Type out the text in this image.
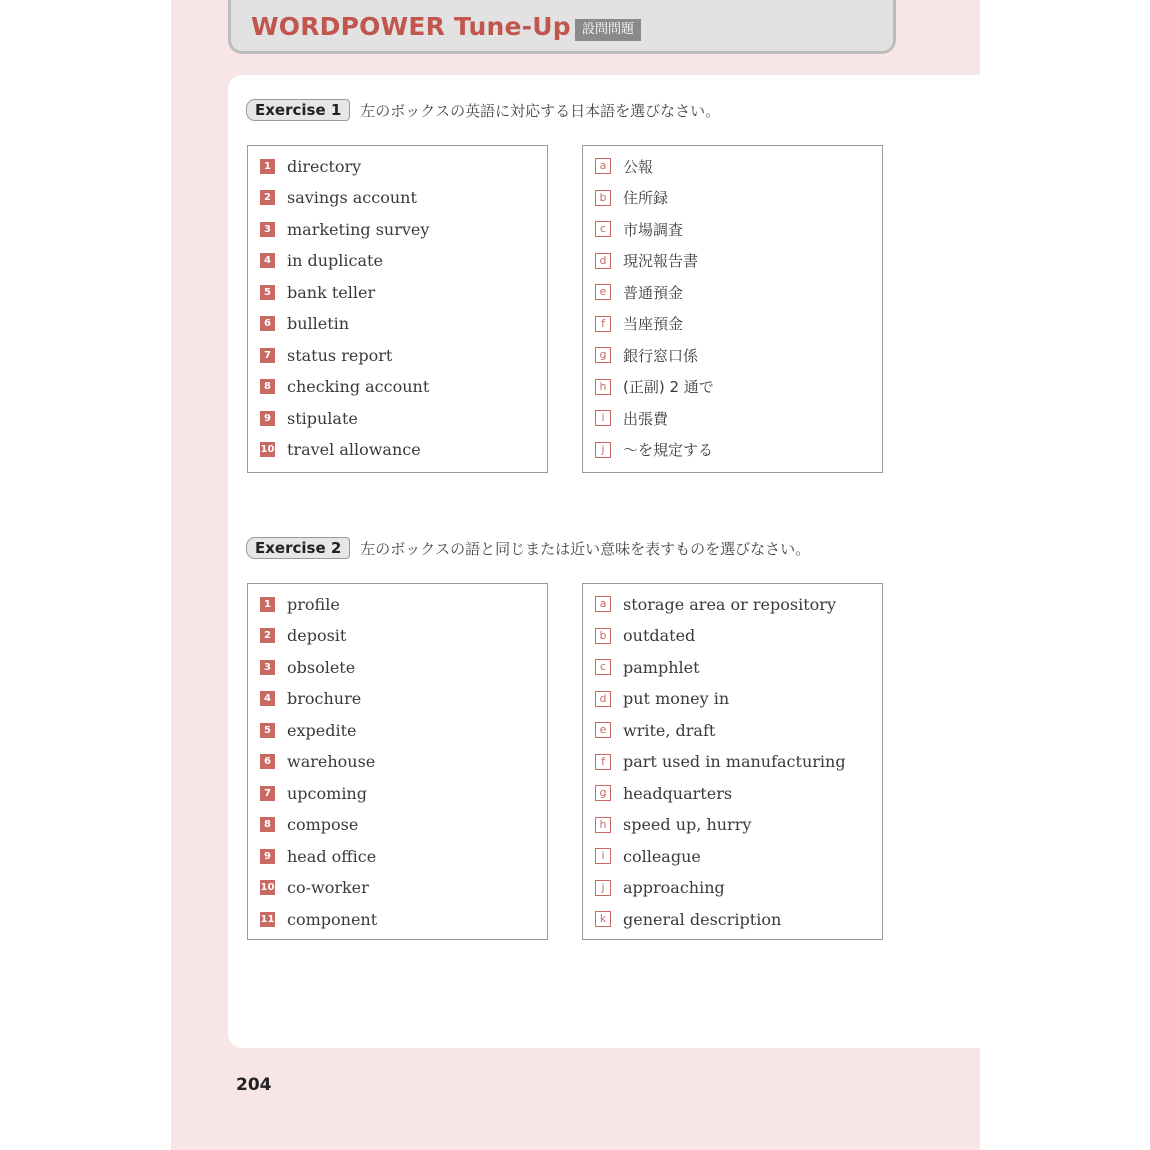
WORDPOWER Tune-Up 設問問題
Exercise 1	左のボックスの英語に対応する日本語を選びなさい。
1 directory
2 savings account
3 marketing survey
4 in duplicate
5 bank teller
6 bulletin
7 status report
8 checking account
9 stipulate
10 travel allowance
a	公報
b	住所録
c	市場調査
d	現況報告書
e	普通預金
f	当座預金
g	銀行窓口係
h	(正副) 2 通で
i	出張費
j	～を規定する
Exercise 2	左のボックスの語と同じまたは近い意味を表すものを選びなさい。
1 profile
2 deposit
3 obsolete
4 brochure
5 expedite
6 warehouse
7 upcoming
8 compose
9 head office
10 co-worker
11 component
a storage area or repository
b outdated
c	pamphlet
d put money in
e write, draft
f	part used in manufacturing
g headquarters
h speed up, hurry
i	colleague
j	approaching
k	general description
204
